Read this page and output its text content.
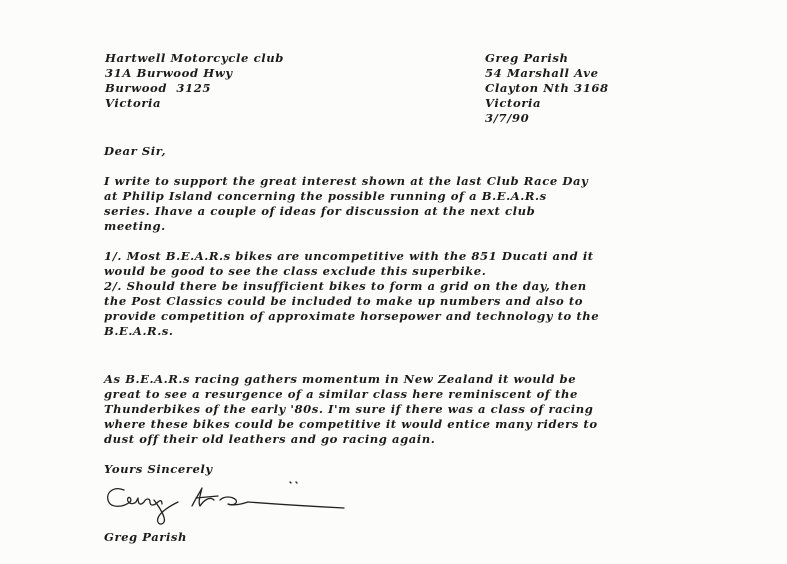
Hartwell Motorcycle club
31A Burwood Hwy
Burwood  3125
Victoria
Greg Parish
54 Marshall Ave
Clayton Nth 3168
Victoria
3/7/90

Dear Sir,

I write to support the great interest shown at the last Club Race Day
at Philip Island concerning the possible running of a B.E.A.R.s
series. Ihave a couple of ideas for discussion at the next club
meeting.
1/. Most B.E.A.R.s bikes are uncompetitive with the 851 Ducati and it
would be good to see the class exclude this superbike.
2/. Should there be insufficient bikes to form a grid on the day, then
the Post Classics could be included to make up numbers and also to
provide competition of approximate horsepower and technology to the
B.E.A.R.s.
As B.E.A.R.s racing gathers momentum in New Zealand it would be
great to see a resurgence of a similar class here reminiscent of the
Thunderbikes of the early '80s. I'm sure if there was a class of racing
where these bikes could be competitive it would entice many riders to
dust off their old leathers and go racing again.

Yours Sincerely

Greg Parish
